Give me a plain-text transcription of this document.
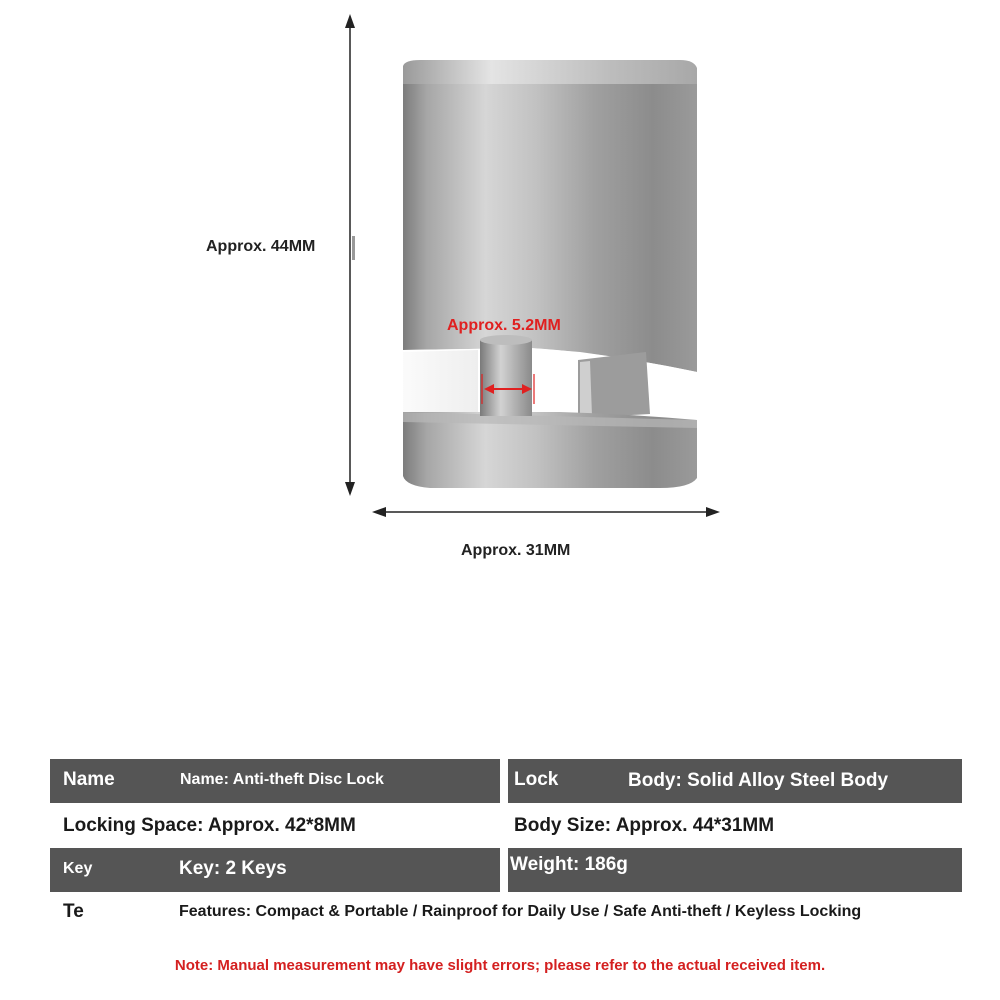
Approx. 44MM
Approx. 31MM
Approx. 5.2MM
Name	Name: Anti-theft Disc Lock	Lock	Body: Solid Alloy Steel Body
Locking Space: Approx. 42*8MM	Body Size: Approx. 44*31MM
Key	Key: 2 Keys	Weight: 186g
Te	Features: Compact & Portable / Rainproof for Daily Use / Safe Anti-theft / Keyless Locking
Note: Manual measurement may have slight errors; please refer to the actual received item.
